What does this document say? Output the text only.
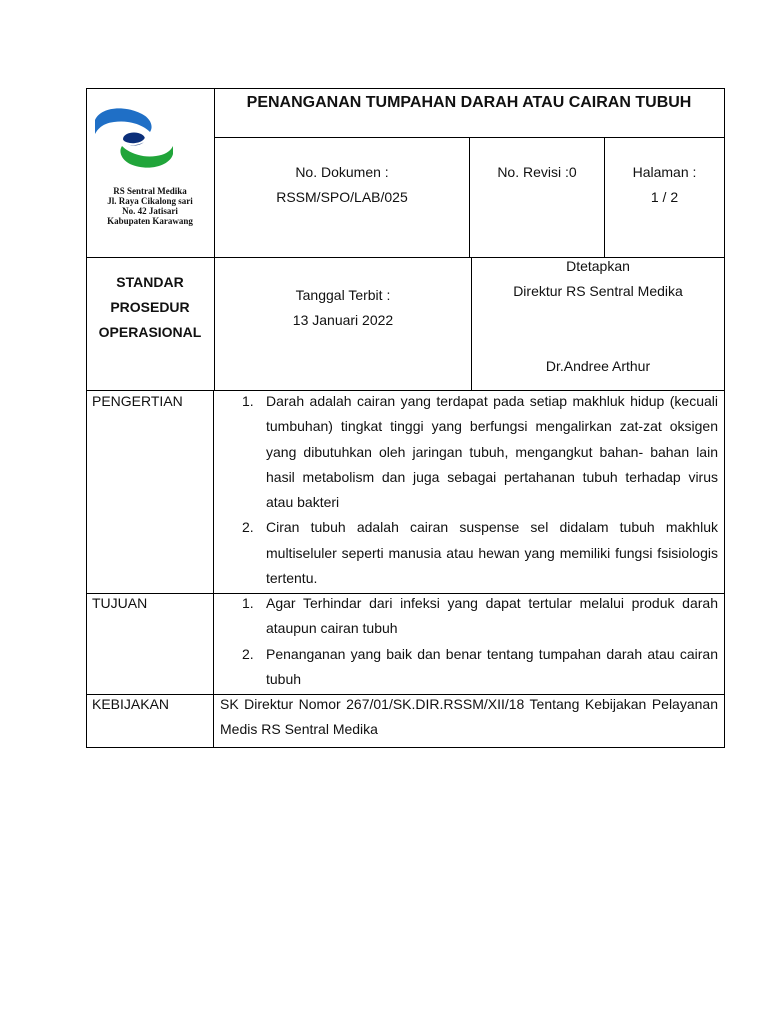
RS Sentral Medika
Jl. Raya Cikalong sari
No. 42 Jatisari
Kabupaten Karawang
PENANGANAN TUMPAHAN DARAH ATAU CAIRAN TUBUH
No. Dokumen :
RSSM/SPO/LAB/025
No. Revisi :0	Halaman :
1 / 2
STANDAR
PROSEDUR
OPERASIONAL
Tanggal Terbit :
13 Januari 2022
Dtetapkan
Direktur RS Sentral Medika
Dr.Andree Arthur
PENGERTIAN	1. Darah adalah cairan yang terdapat pada setiap makhluk hidup (kecuali tumbuhan) tingkat tinggi yang berfungsi mengalirkan zat-zat oksigen yang dibutuhkan oleh jaringan tubuh, mengangkut bahan- bahan lain hasil metabolism dan juga sebagai pertahanan tubuh terhadap virus atau bakteri
2. Ciran tubuh adalah cairan suspense sel didalam tubuh makhluk multiseluler seperti manusia atau hewan yang memiliki fungsi fsisiologis tertentu.
TUJUAN	1. Agar Terhindar dari infeksi yang dapat tertular melalui produk darah ataupun cairan tubuh
2. Penanganan yang baik dan benar tentang tumpahan darah atau cairan tubuh
KEBIJAKAN	SK Direktur Nomor 267/01/SK.DIR.RSSM/XII/18 Tentang Kebijakan Pelayanan Medis RS Sentral Medika
